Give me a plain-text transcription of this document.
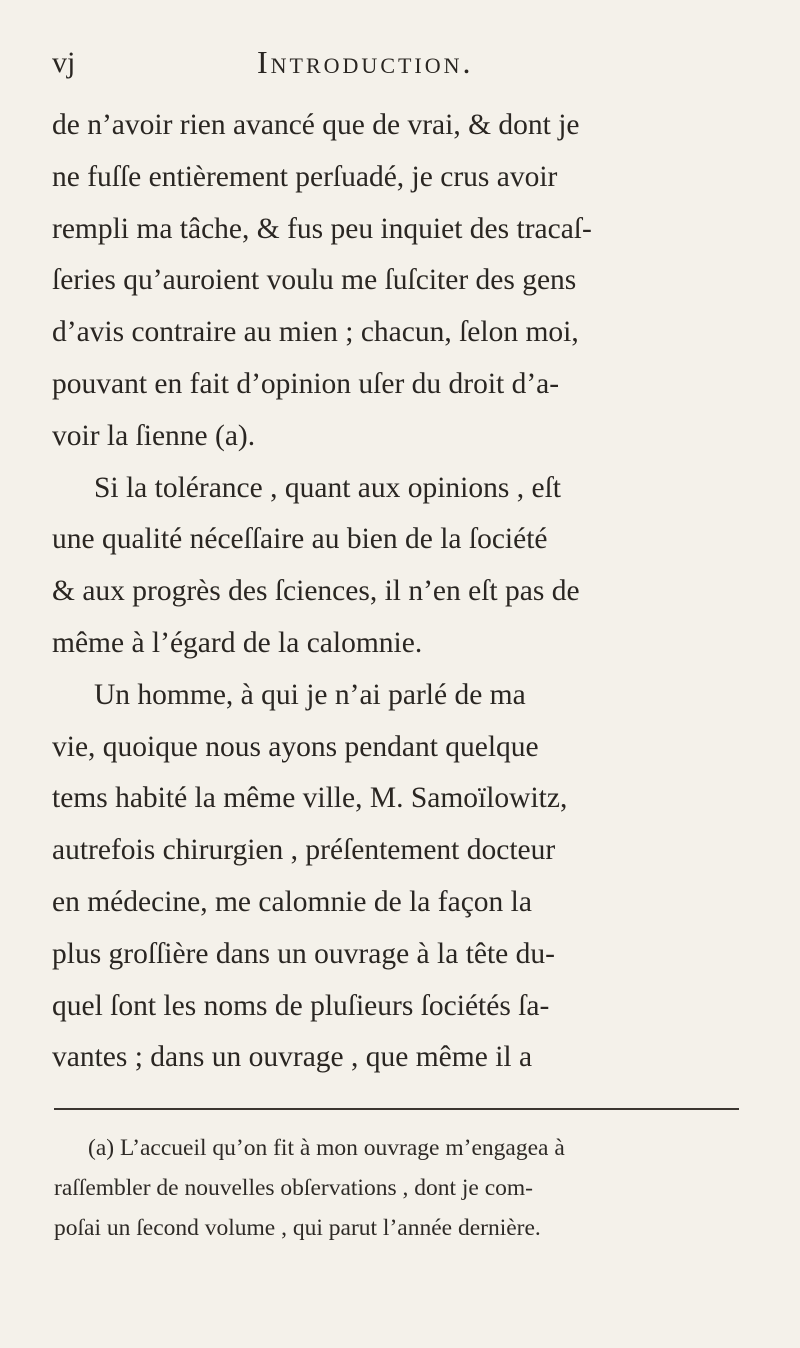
vj	Introduction.
de n’avoir rien avancé que de vrai, & dont je
ne fuſſe entièrement perſuadé, je crus avoir
rempli ma tâche, & fus peu inquiet des tracaſ-
ſeries qu’auroient voulu me ſuſciter des gens
d’avis contraire au mien ; chacun, ſelon moi,
pouvant en fait d’opinion uſer du droit d’a-
voir la ſienne (a).
Si la tolérance , quant aux opinions , eſt
une qualité néceſſaire au bien de la ſociété
& aux progrès des ſciences, il n’en eſt pas de
même à l’égard de la calomnie.
Un homme, à qui je n’ai parlé de ma
vie, quoique nous ayons pendant quelque
tems habité la même ville, M. Samoïlowitz,
autrefois chirurgien , préſentement docteur
en médecine, me calomnie de la façon la
plus groſſière dans un ouvrage à la tête du-
quel ſont les noms de pluſieurs ſociétés ſa-
vantes ; dans un ouvrage , que même il a
(a) L’accueil qu’on fit à mon ouvrage m’engagea à
raſſembler de nouvelles obſervations , dont je com-
poſai un ſecond volume , qui parut l’année dernière.
